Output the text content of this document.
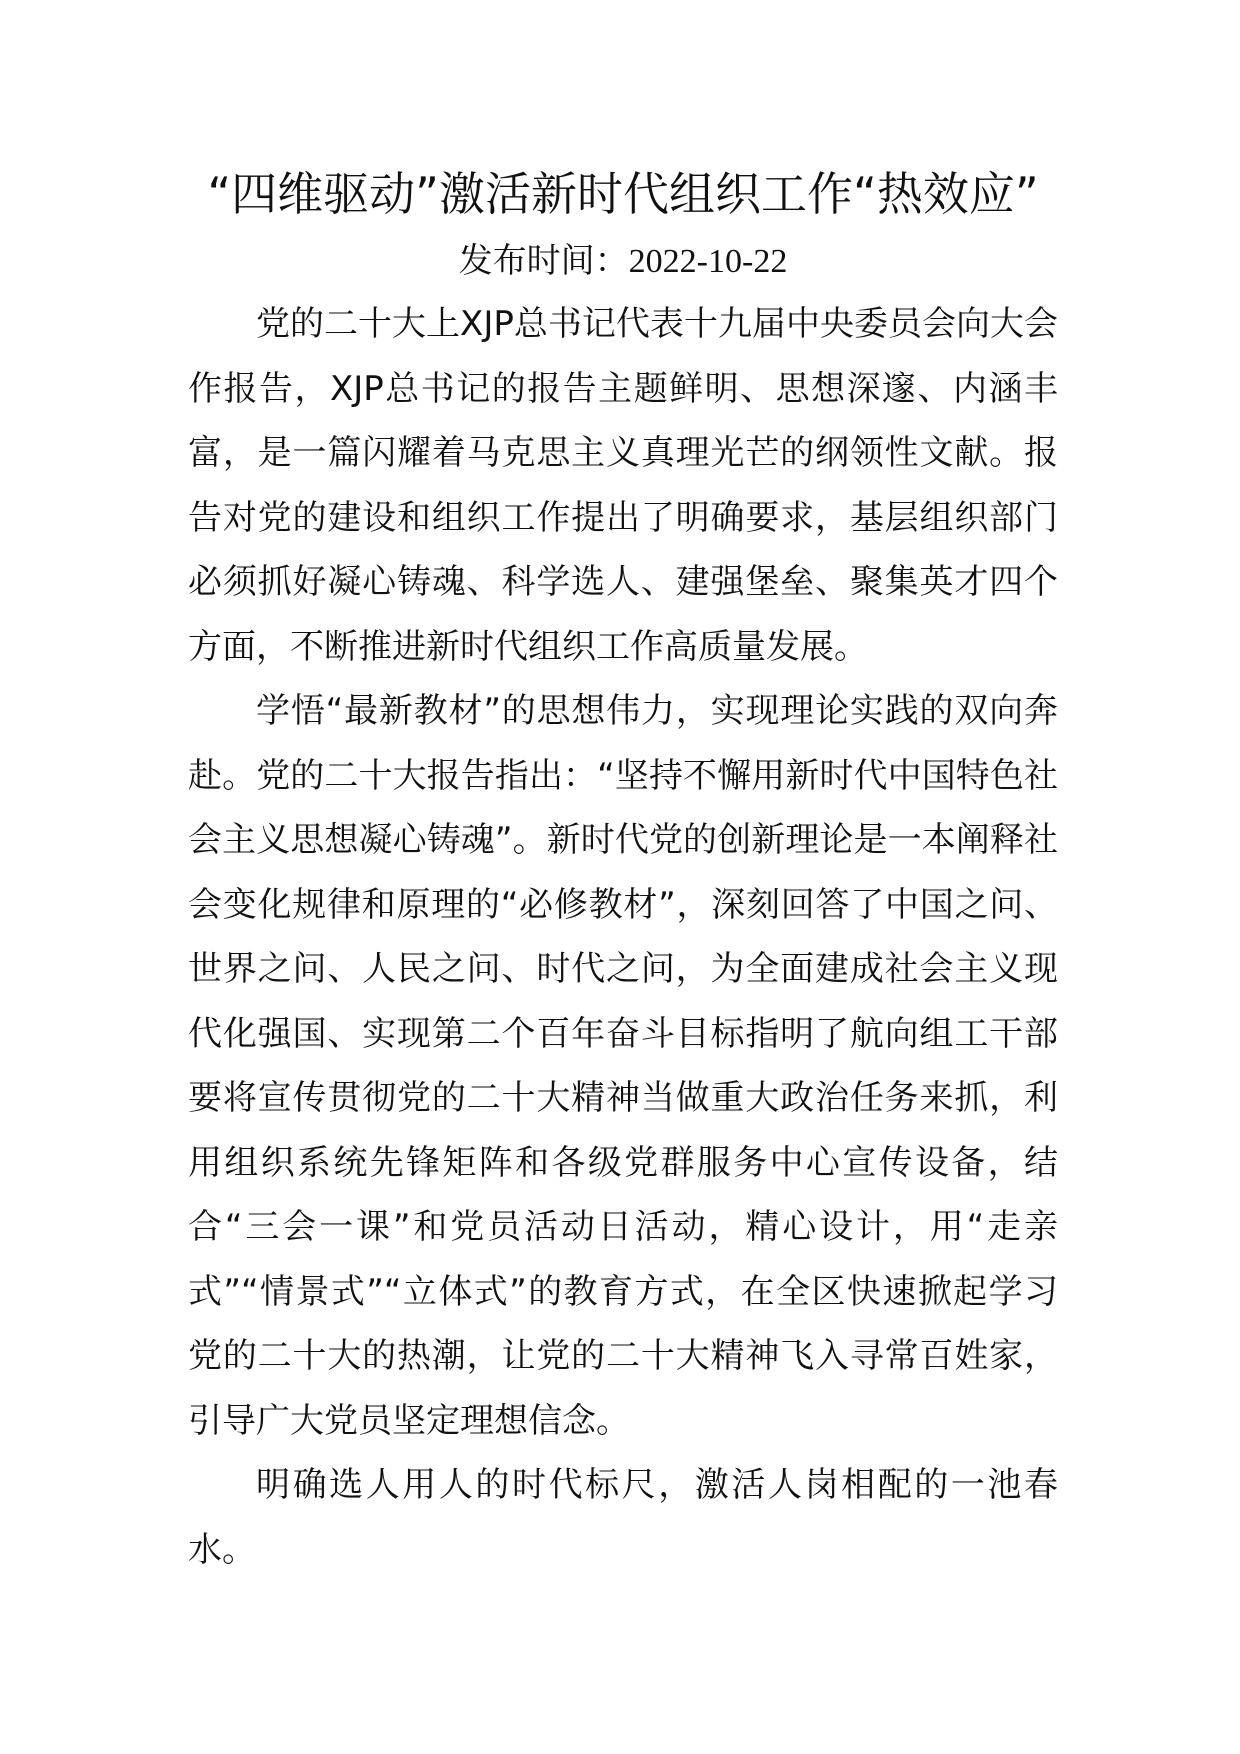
“四维驱动”激活新时代组织工作“热效应”

发布时间：2022-10-22

党的二十大上XJP总书记代表十九届中央委员会向大会作报告，XJP总书记的报告主题鲜明、思想深邃、内涵丰富，是一篇闪耀着马克思主义真理光芒的纲领性文献。报告对党的建设和组织工作提出了明确要求，基层组织部门必须抓好凝心铸魂、科学选人、建强堡垒、聚集英才四个方面，不断推进新时代组织工作高质量发展。

学悟“最新教材”的思想伟力，实现理论实践的双向奔赴。党的二十大报告指出：“坚持不懈用新时代中国特色社会主义思想凝心铸魂”。新时代党的创新理论是一本阐释社会变化规律和原理的“必修教材”，深刻回答了中国之问、世界之问、人民之问、时代之问，为全面建成社会主义现代化强国、实现第二个百年奋斗目标指明了航向组工干部要将宣传贯彻党的二十大精神当做重大政治任务来抓，利用组织系统先锋矩阵和各级党群服务中心宣传设备，结合“三会一课”和党员活动日活动，精心设计，用“走亲式”“情景式”“立体式”的教育方式，在全区快速掀起学习党的二十大的热潮，让党的二十大精神飞入寻常百姓家，引导广大党员坚定理想信念。

明确选人用人的时代标尺，激活人岗相配的一池春水。
